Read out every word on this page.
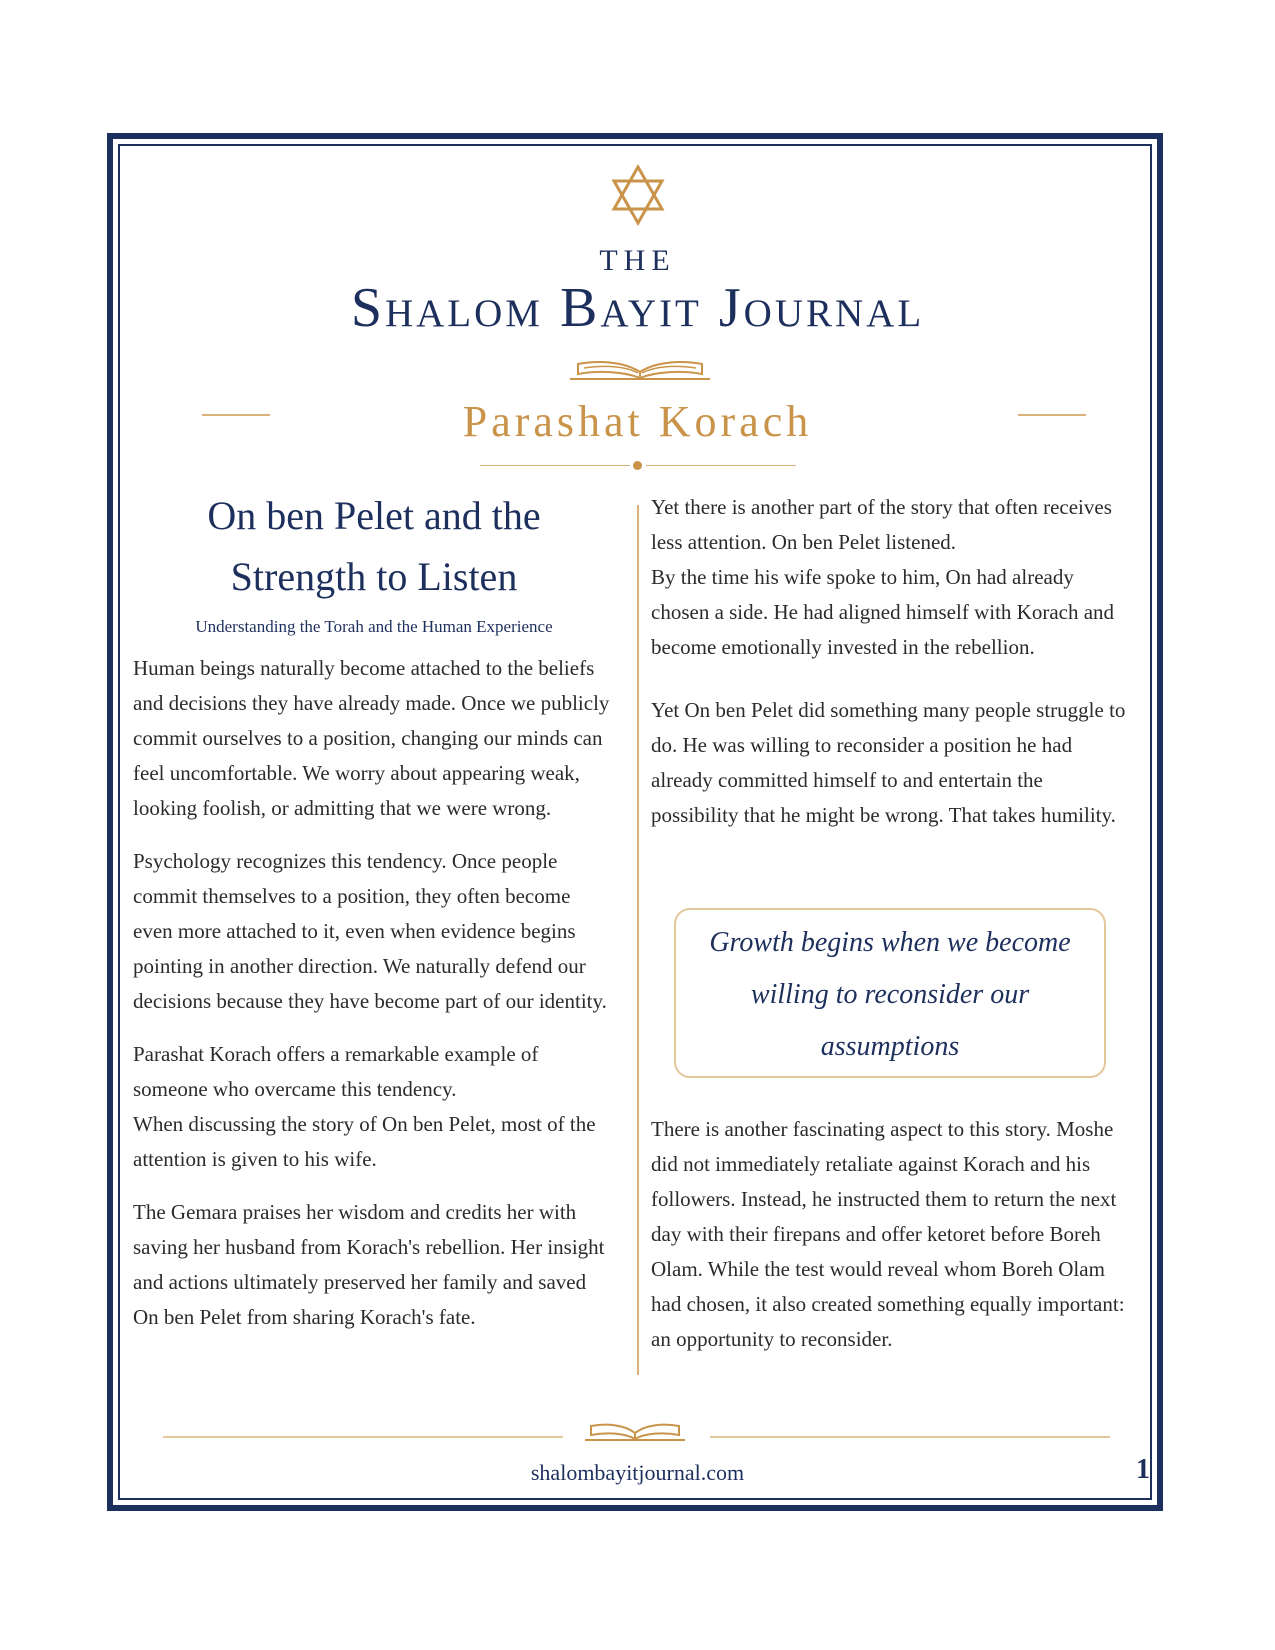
THE
Shalom Bayit Journal
Parashat Korach
On ben Pelet and the
Strength to Listen
Understanding the Torah and the Human Experience

Human beings naturally become attached to the beliefs and decisions they have already made. Once we publicly commit ourselves to a position, changing our minds can feel uncomfortable. We worry about appearing weak, looking foolish, or admitting that we were wrong.

Psychology recognizes this tendency. Once people commit themselves to a position, they often become even more attached to it, even when evidence begins pointing in another direction. We naturally defend our decisions because they have become part of our identity.

Parashat Korach offers a remarkable example of someone who overcame this tendency.

When discussing the story of On ben Pelet, most of the attention is given to his wife.

The Gemara praises her wisdom and credits her with saving her husband from Korach's rebellion. Her insight and actions ultimately preserved her family and saved On ben Pelet from sharing Korach's fate.

Yet there is another part of the story that often receives less attention. On ben Pelet listened.

By the time his wife spoke to him, On had already chosen a side. He had aligned himself with Korach and become emotionally invested in the rebellion.

Yet On ben Pelet did something many people struggle to do. He was willing to reconsider a position he had already committed himself to and entertain the possibility that he might be wrong. That takes humility.

Growth begins when we become willing to reconsider our assumptions

There is another fascinating aspect to this story. Moshe did not immediately retaliate against Korach and his followers. Instead, he instructed them to return the next day with their firepans and offer ketoret before Boreh Olam. While the test would reveal whom Boreh Olam had chosen, it also created something equally important: an opportunity to reconsider.

shalombayitjournal.com	1
